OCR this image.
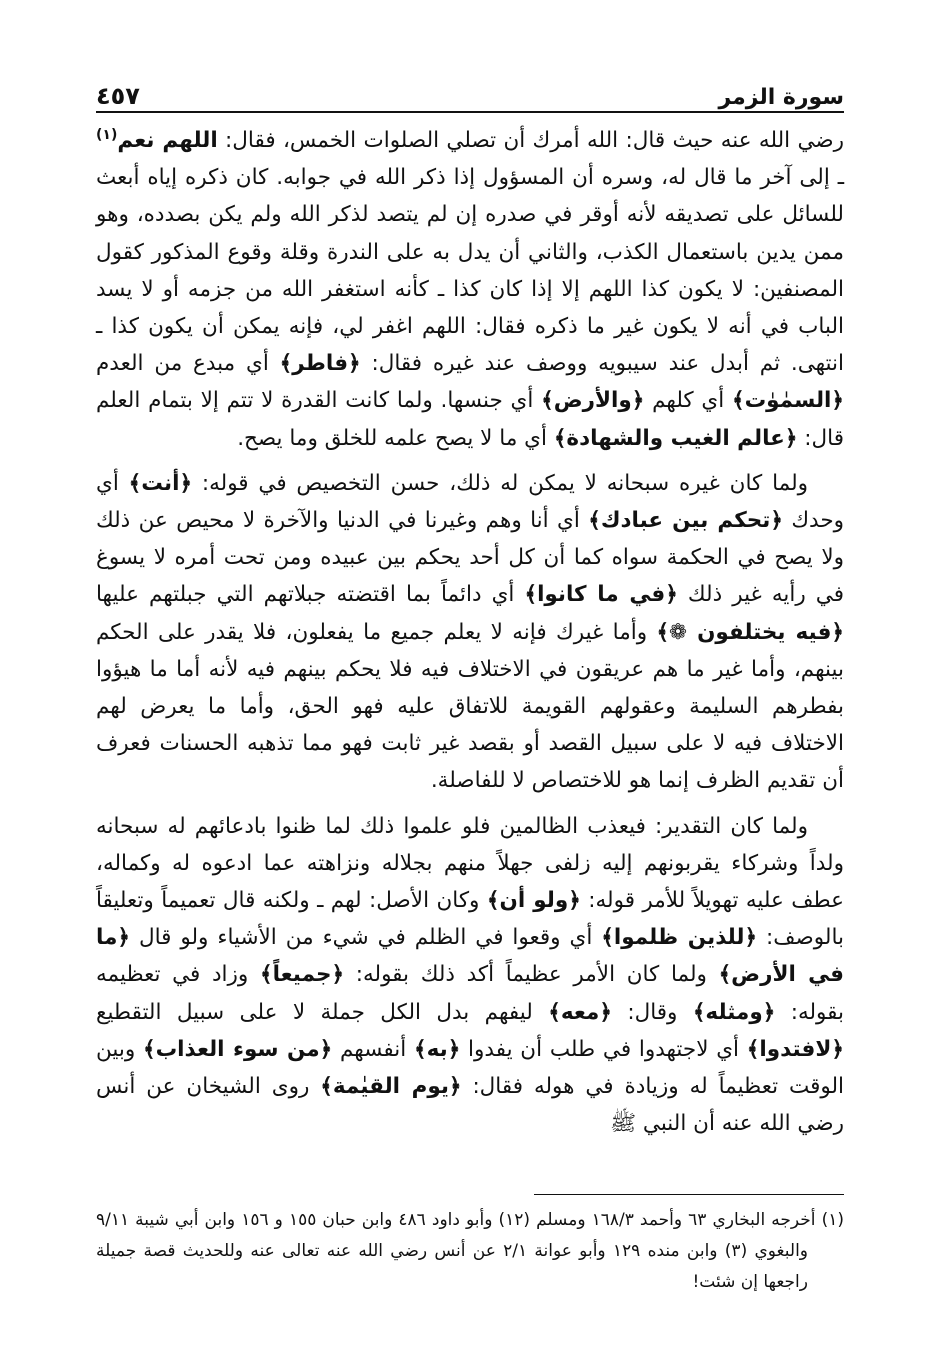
سورة الزمر
٤٥٧

رضي الله عنه حيث قال: الله أمرك أن تصلي الصلوات الخمس، فقال: اللهم نعم$^{(١)}$ ـ إلى آخر ما قال له، وسره أن المسؤول إذا ذكر الله في جوابه. كان ذكره إياه أبعث للسائل على تصديقه لأنه أوقر في صدره إن لم يتصد لذكر الله ولم يكن بصدده، وهو ممن يدين باستعمال الكذب، والثاني أن يدل به على الندرة وقلة وقوع المذكور كقول المصنفين: لا يكون كذا اللهم إلا إذا كان كذا ـ كأنه استغفر الله من جزمه أو لا يسد الباب في أنه لا يكون غير ما ذكره فقال: اللهم اغفر لي، فإنه يمكن أن يكون كذا ـ انتهى. ثم أبدل عند سيبويه ووصف عند غيره فقال: ﴿فاطر﴾ أي مبدع من العدم ﴿السمٰوٰت﴾ أي كلهم ﴿والأرض﴾ أي جنسها. ولما كانت القدرة لا تتم إلا بتمام العلم قال: ﴿عالم الغيب والشهادة﴾ أي ما لا يصح علمه للخلق وما يصح.

ولما كان غيره سبحانه لا يمكن له ذلك، حسن التخصيص في قوله: ﴿أنت﴾ أي وحدك ﴿تحكم بين عبادك﴾ أي أنا وهم وغيرنا في الدنيا والآخرة لا محيص عن ذلك ولا يصح في الحكمة سواه كما أن كل أحد يحكم بين عبيده ومن تحت أمره لا يسوغ في رأيه غير ذلك ﴿في ما كانوا﴾ أي دائماً بما اقتضته جبلاتهم التي جبلتهم عليها ﴿فيه يختلفون ❁﴾ وأما غيرك فإنه لا يعلم جميع ما يفعلون، فلا يقدر على الحكم بينهم، وأما غير ما هم عريقون في الاختلاف فيه فلا يحكم بينهم فيه لأنه أما ما هيؤوا بفطرهم السليمة وعقولهم القويمة للاتفاق عليه فهو الحق، وأما ما يعرض لهم الاختلاف فيه لا على سبيل القصد أو بقصد غير ثابت فهو مما تذهبه الحسنات فعرف أن تقديم الظرف إنما هو للاختصاص لا للفاصلة.

ولما كان التقدير: فيعذب الظالمين فلو علموا ذلك لما ظنوا بادعائهم له سبحانه ولداً وشركاء يقربونهم إليه زلفى جهلاً منهم بجلاله ونزاهته عما ادعوه له وكماله، عطف عليه تهويلاً للأمر قوله: ﴿ولو أن﴾ وكان الأصل: لهم ـ ولكنه قال تعميماً وتعليقاً بالوصف: ﴿للذين ظلموا﴾ أي وقعوا في الظلم في شيء من الأشياء ولو قال ﴿ما في الأرض﴾ ولما كان الأمر عظيماً أكد ذلك بقوله: ﴿جميعاً﴾ وزاد في تعظيمه بقوله: ﴿ومثله﴾ وقال: ﴿معه﴾ ليفهم بدل الكل جملة لا على سبيل التقطيع ﴿لافتدوا﴾ أي لاجتهدوا في طلب أن يفدوا ﴿به﴾ أنفسهم ﴿من سوء العذاب﴾ وبين الوقت تعظيماً له وزيادة في هوله فقال: ﴿يوم القيٰمة﴾ روى الشيخان عن أنس رضي الله عنه أن النبي ﷺ

(١) أخرجه البخاري ٦٣ وأحمد ١٦٨/٣ ومسلم (١٢) وأبو داود ٤٨٦ وابن حبان ١٥٥ و ١٥٦ وابن أبي شيبة ٩/١١ والبغوي (٣) وابن منده ١٢٩ وأبو عوانة ٢/١ عن أنس رضي الله عنه تعالى عنه وللحديث قصة جميلة راجعها إن شئت!
